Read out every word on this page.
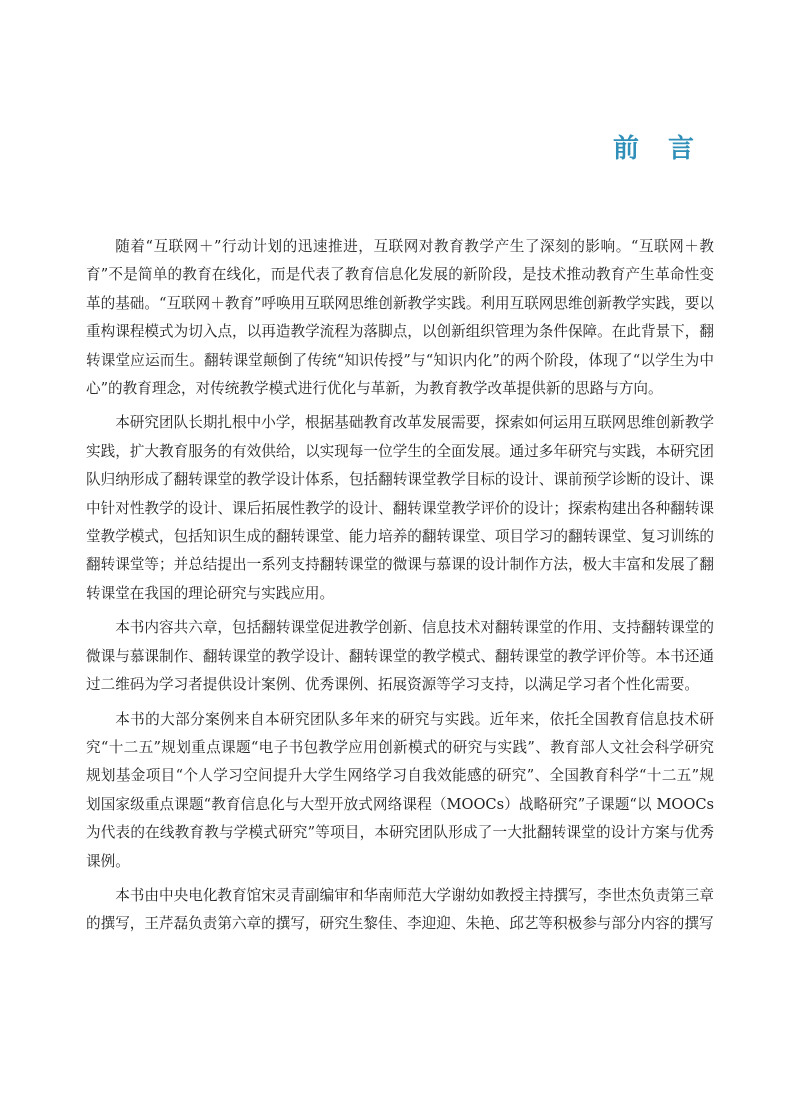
前 言

随着“互联网＋”行动计划的迅速推进，互联网对教育教学产生了深刻的影响。“互联网＋教育”不是简单的教育在线化，而是代表了教育信息化发展的新阶段，是技术推动教育产生革命性变革的基础。“互联网＋教育”呼唤用互联网思维创新教学实践。利用互联网思维创新教学实践，要以重构课程模式为切入点，以再造教学流程为落脚点，以创新组织管理为条件保障。在此背景下，翻转课堂应运而生。翻转课堂颠倒了传统“知识传授”与“知识内化”的两个阶段，体现了“以学生为中心”的教育理念，对传统教学模式进行优化与革新，为教育教学改革提供新的思路与方向。

本研究团队长期扎根中小学，根据基础教育改革发展需要，探索如何运用互联网思维创新教学实践，扩大教育服务的有效供给，以实现每一位学生的全面发展。通过多年研究与实践，本研究团队归纳形成了翻转课堂的教学设计体系，包括翻转课堂教学目标的设计、课前预学诊断的设计、课中针对性教学的设计、课后拓展性教学的设计、翻转课堂教学评价的设计；探索构建出各种翻转课堂教学模式，包括知识生成的翻转课堂、能力培养的翻转课堂、项目学习的翻转课堂、复习训练的翻转课堂等；并总结提出一系列支持翻转课堂的微课与慕课的设计制作方法，极大丰富和发展了翻转课堂在我国的理论研究与实践应用。

本书内容共六章，包括翻转课堂促进教学创新、信息技术对翻转课堂的作用、支持翻转课堂的微课与慕课制作、翻转课堂的教学设计、翻转课堂的教学模式、翻转课堂的教学评价等。本书还通过二维码为学习者提供设计案例、优秀课例、拓展资源等学习支持，以满足学习者个性化需要。

本书的大部分案例来自本研究团队多年来的研究与实践。近年来，依托全国教育信息技术研究“十二五”规划重点课题“电子书包教学应用创新模式的研究与实践”、教育部人文社会科学研究规划基金项目“个人学习空间提升大学生网络学习自我效能感的研究”、全国教育科学“十二五”规划国家级重点课题“教育信息化与大型开放式网络课程（MOOCs）战略研究”子课题“以 MOOCs 为代表的在线教育教与学模式研究”等项目，本研究团队形成了一大批翻转课堂的设计方案与优秀课例。

本书由中央电化教育馆宋灵青副编审和华南师范大学谢幼如教授主持撰写，李世杰负责第三章的撰写，王芹磊负责第六章的撰写，研究生黎佳、李迎迎、朱艳、邱艺等积极参与部分内容的撰写
